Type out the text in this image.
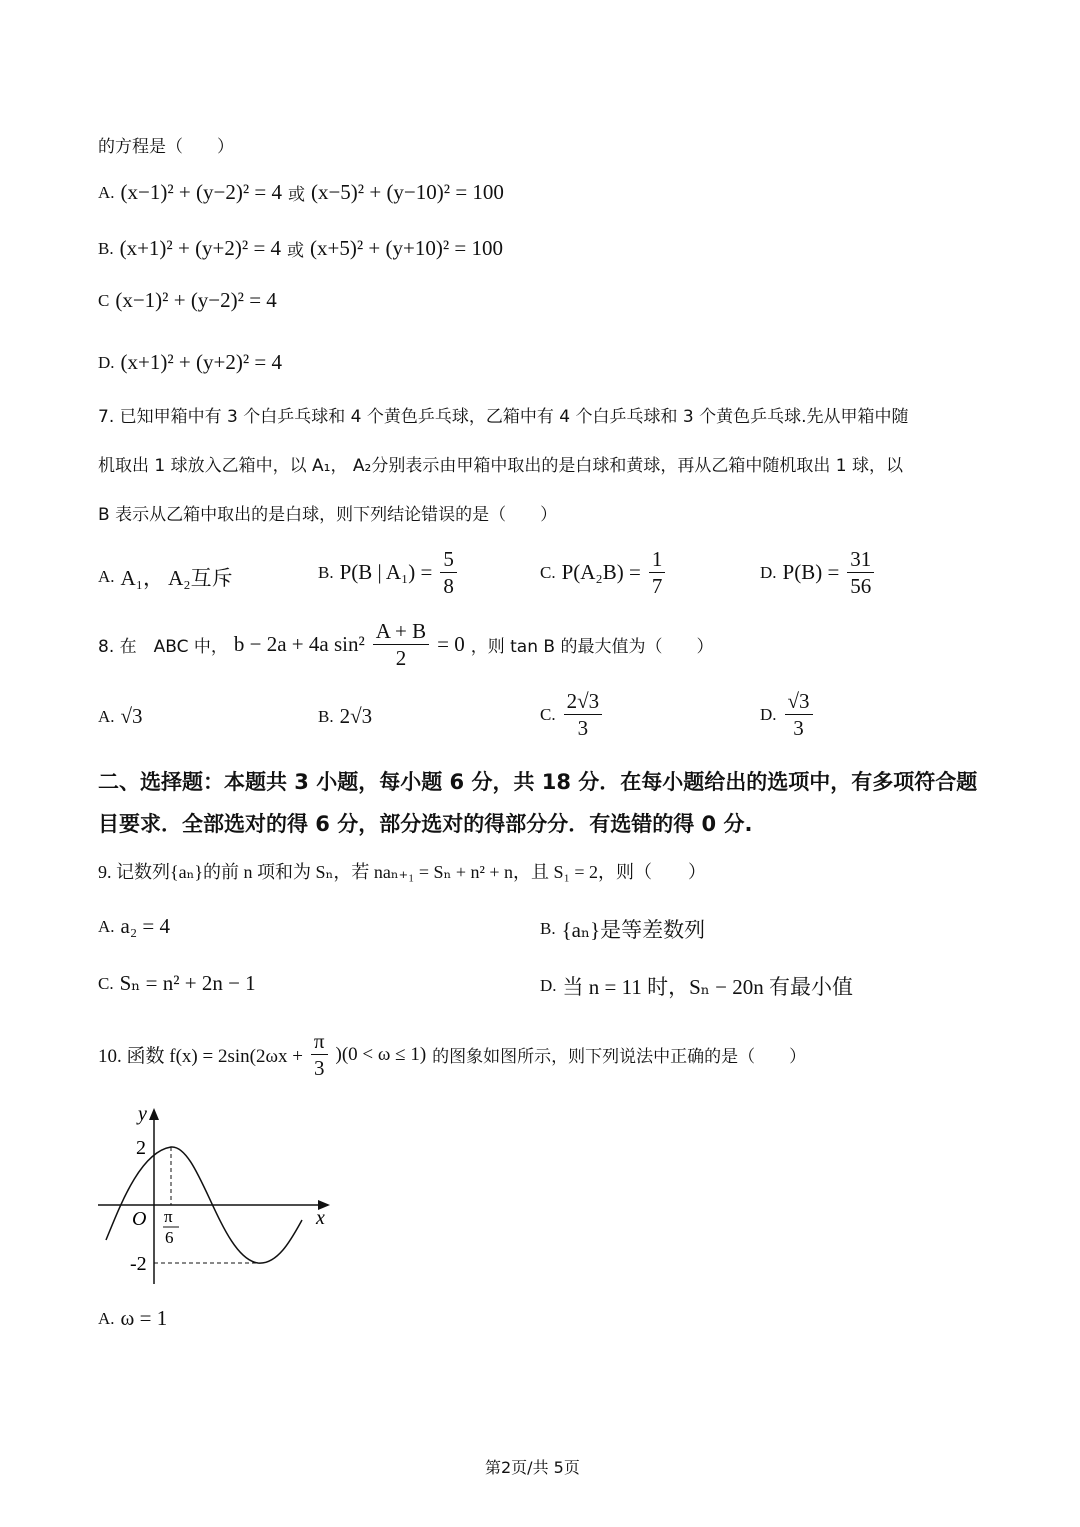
的方程是（　　）
A. (x−1)² + (y−2)² = 4 或 (x−5)² + (y−10)² = 100
B. (x+1)² + (y+2)² = 4 或 (x+5)² + (y+10)² = 100
C (x−1)² + (y−2)² = 4
D. (x+1)² + (y+2)² = 4
7. 已知甲箱中有 3 个白乒乓球和 4 个黄色乒乓球，乙箱中有 4 个白乒乓球和 3 个黄色乒乓球.先从甲箱中随
机取出 1 球放入乙箱中，以 A₁， A₂分别表示由甲箱中取出的是白球和黄球，再从乙箱中随机取出 1 球，以
B 表示从乙箱中取出的是白球，则下列结论错误的是（　　）
A. A₁， A₂互斥	B. P(B | $A_1) = \frac{5}{8}$	C. $P(A_2B) = \frac{1}{7}$	D. $P(B) = \frac{31}{56}$
8. 在　ABC 中， b − 2a + 4a $\sin^2 \frac{A + B}{2} = 0$ ，则 tan B 的最大值为（　　）
A. √3	B. 2√3	C. $\frac{2√3}{3}$	D. $\frac{√3}{3}$
二、选择题：本题共 3 小题，每小题 6 分，共 18 分．在每小题给出的选项中，有多项符合题
目要求．全部选对的得 6 分，部分选对的得部分分．有选错的得 0 分.
9. 记数列{aₙ}的前 n 项和为 Sₙ，若 naₙ₊₁ = Sₙ + n² + n，且 S₁ = 2，则（　　）
A. a₂ = 4	B. {aₙ}是等差数列
C. Sₙ = n² + 2n − 1	D. 当 n = 11 时，Sₙ − 20n 有最小值
10. 函数 $f(x) = 2\sin(2\omega x + \frac{\pi}{3} )(0 < \omega \le 1)$ 的图象如图所示，则下列说法中正确的是（　　）
y
x
O
2
-2
π
6
A. ω = 1
第2页/共 5页
